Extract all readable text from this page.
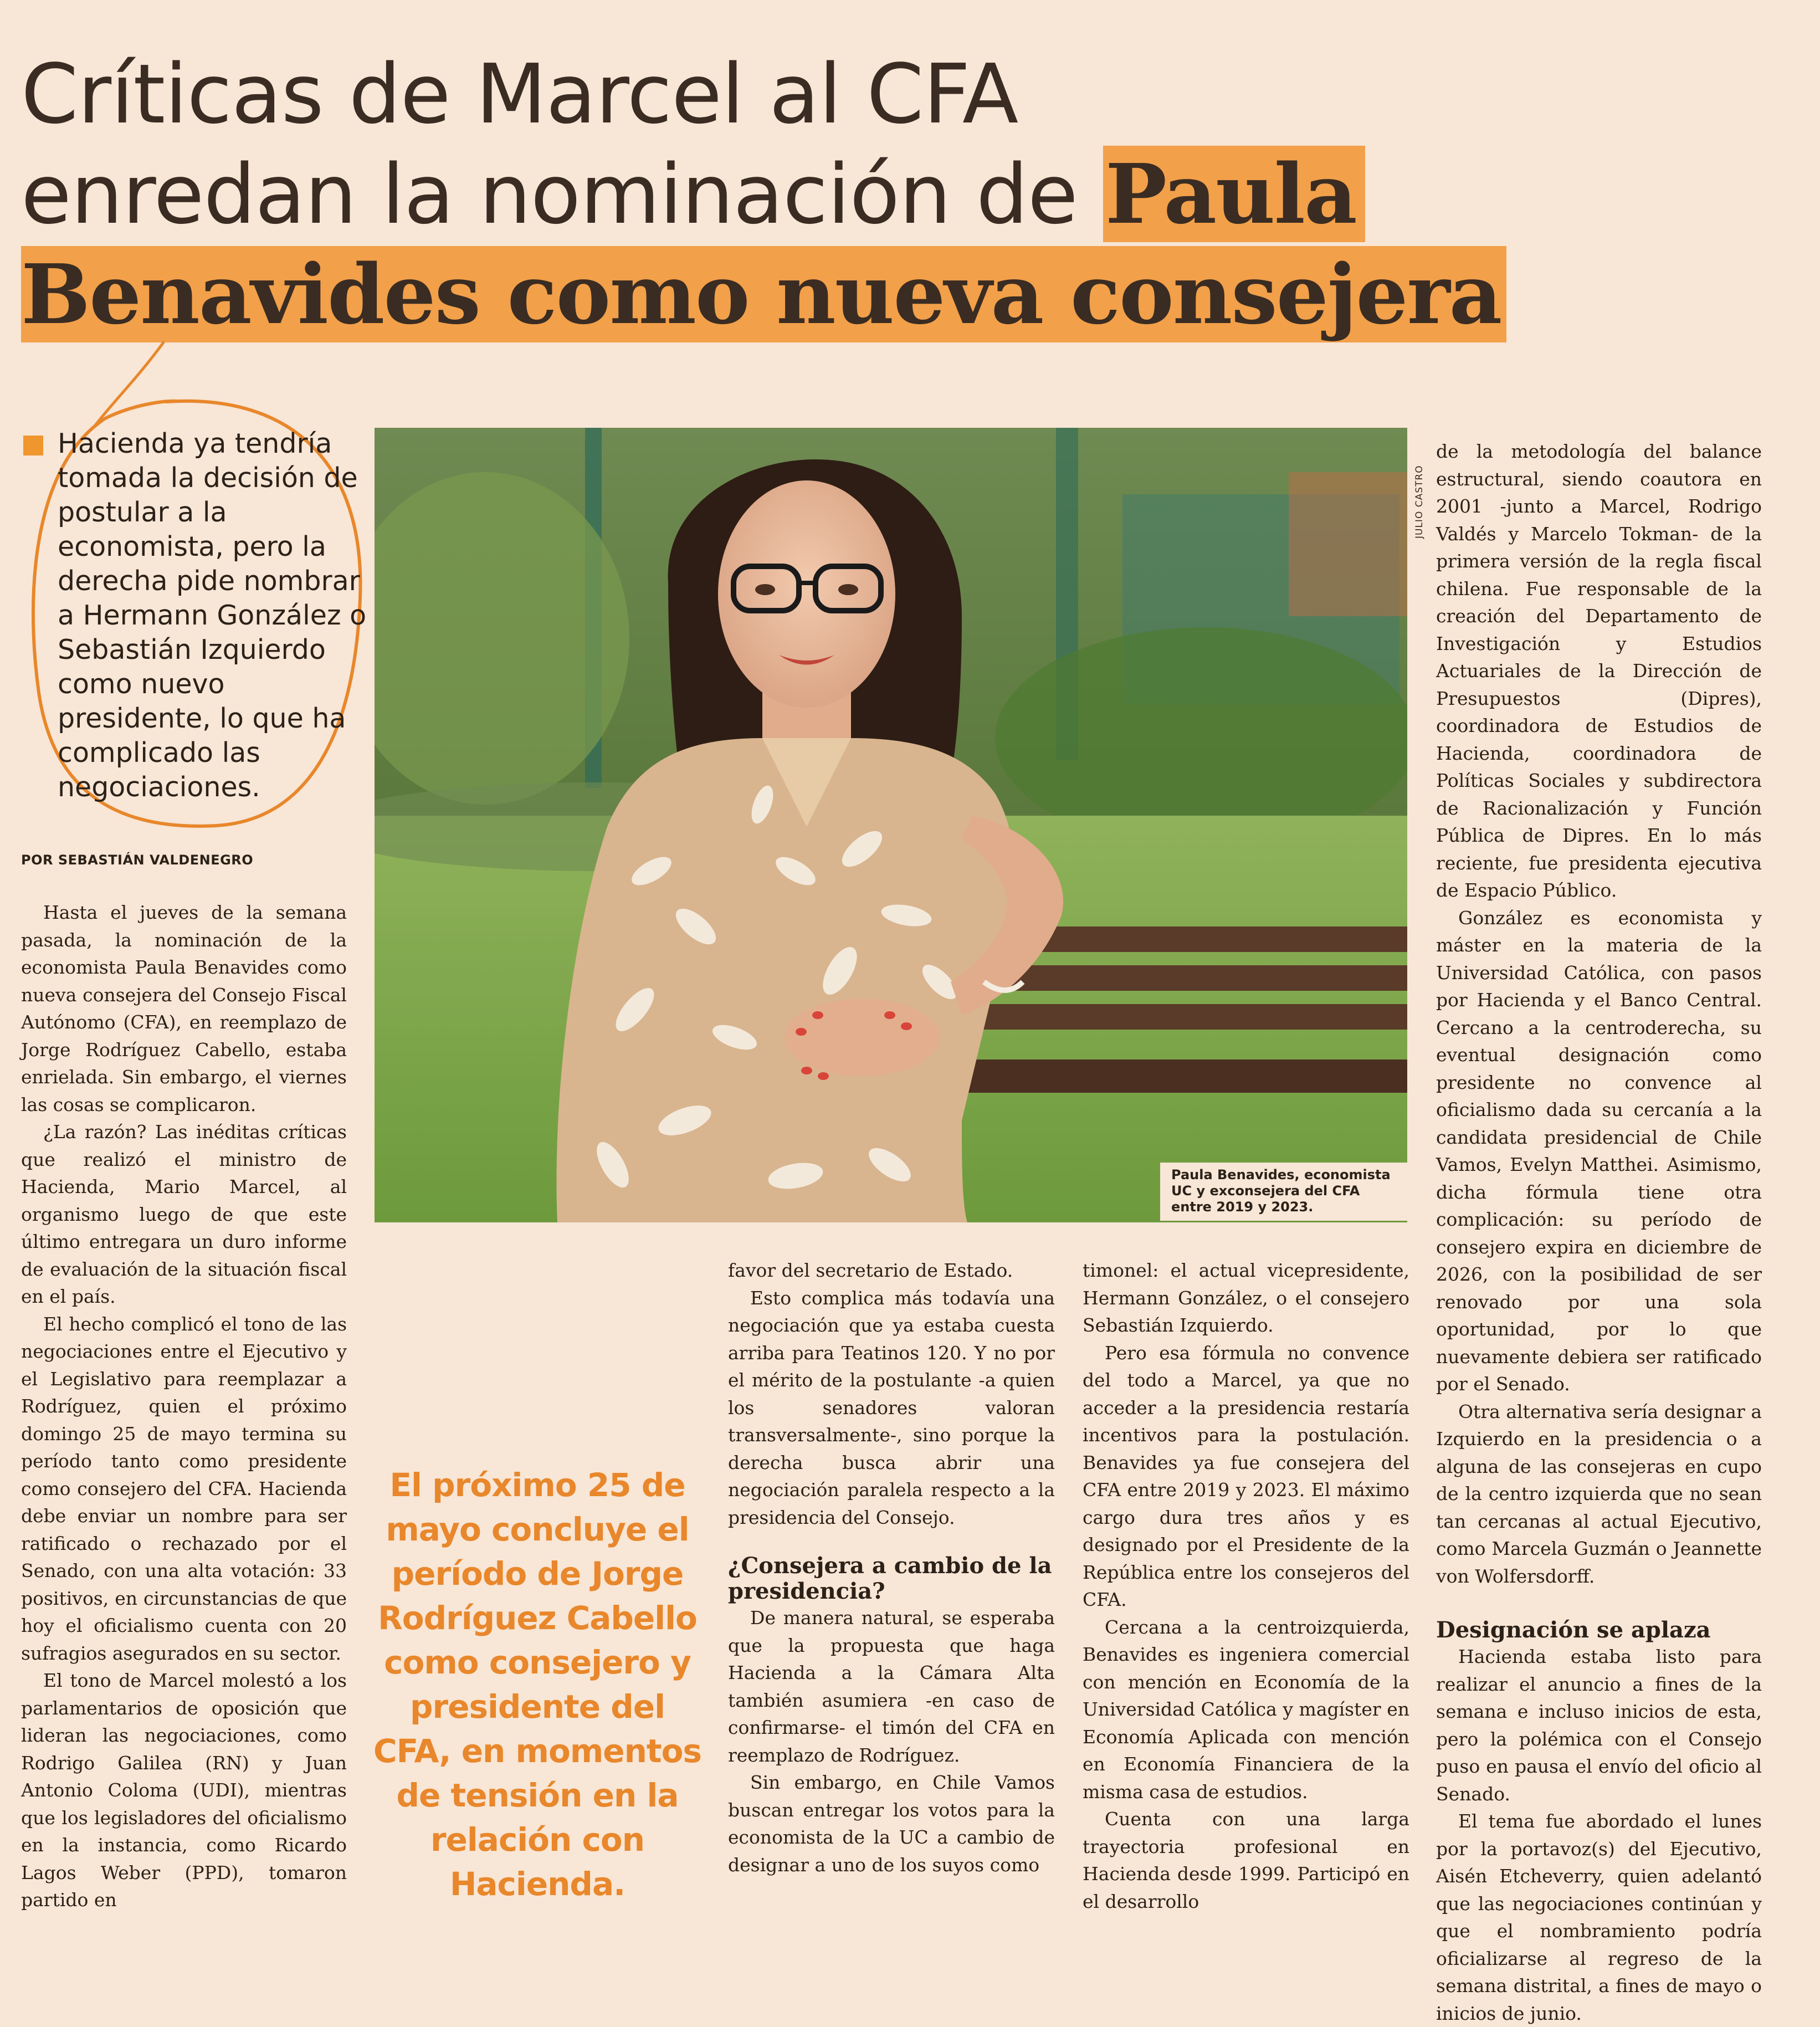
Críticas de Marcel al CFA
enredan la nominación de Paula
Benavides como nueva consejera
Hacienda ya tendría tomada la decisión de postular a la economista, pero la derecha pide nombrar a Hermann González o Sebastián Izquierdo como nuevo presidente, lo que ha complicado las negociaciones.
POR SEBASTIÁN VALDENEGRO
JULIO CASTRO
Paula Benavides, economista UC y exconsejera del CFA entre 2019 y 2023.

Hasta el jueves de la semana pasada, la nominación de la economista Paula Benavides como nueva consejera del Consejo Fiscal Autónomo (CFA), en reemplazo de Jorge Rodríguez Cabello, estaba enrielada. Sin embargo, el viernes las cosas se complicaron.

¿La razón? Las inéditas críticas que realizó el ministro de Hacienda, Mario Marcel, al organismo luego de que este último entregara un duro informe de evaluación de la situación fiscal en el país.

El hecho complicó el tono de las negociaciones entre el Ejecutivo y el Legislativo para reemplazar a Rodríguez, quien el próximo domingo 25 de mayo termina su período tanto como presidente como consejero del CFA. Hacienda debe enviar un nombre para ser ratificado o rechazado por el Senado, con una alta votación: 33 positivos, en circunstancias de que hoy el oficialismo cuenta con 20 sufragios asegurados en su sector.

El tono de Marcel molestó a los parlamentarios de oposición que lideran las negociaciones, como Rodrigo Galilea (RN) y Juan Antonio Coloma (UDI), mientras que los legisladores del oficialismo en la instancia, como Ricardo Lagos Weber (PPD), tomaron partido en

El próximo 25 de mayo concluye el período de Jorge Rodríguez Cabello como consejero y presidente del CFA, en momentos de tensión en la relación con Hacienda.

favor del secretario de Estado.

Esto complica más todavía una negociación que ya estaba cuesta arriba para Teatinos 120. Y no por el mérito de la postulante -a quien los senadores valoran transversalmente-, sino porque la derecha busca abrir una negociación paralela respecto a la presidencia del Consejo.

¿Consejera a cambio de la presidencia?

De manera natural, se esperaba que la propuesta que haga Hacienda a la Cámara Alta también asumiera -en caso de confirmarse- el timón del CFA en reemplazo de Rodríguez.

Sin embargo, en Chile Vamos buscan entregar los votos para la economista de la UC a cambio de designar a uno de los suyos como

timonel: el actual vicepresidente, Hermann González, o el consejero Sebastián Izquierdo.

Pero esa fórmula no convence del todo a Marcel, ya que no acceder a la presidencia restaría incentivos para la postulación. Benavides ya fue consejera del CFA entre 2019 y 2023. El máximo cargo dura tres años y es designado por el Presidente de la República entre los consejeros del CFA.

Cercana a la centroizquierda, Benavides es ingeniera comercial con mención en Economía de la Universidad Católica y magíster en Economía Aplicada con mención en Economía Financiera de la misma casa de estudios.

Cuenta con una larga trayectoria profesional en Hacienda desde 1999. Participó en el desarrollo

de la metodología del balance estructural, siendo coautora en 2001 -junto a Marcel, Rodrigo Valdés y Marcelo Tokman- de la primera versión de la regla fiscal chilena. Fue responsable de la creación del Departamento de Investigación y Estudios Actuariales de la Dirección de Presupuestos (Dipres), coordinadora de Estudios de Hacienda, coordinadora de Políticas Sociales y subdirectora de Racionalización y Función Pública de Dipres. En lo más reciente, fue presidenta ejecutiva de Espacio Público.

González es economista y máster en la materia de la Universidad Católica, con pasos por Hacienda y el Banco Central. Cercano a la centroderecha, su eventual designación como presidente no convence al oficialismo dada su cercanía a la candidata presidencial de Chile Vamos, Evelyn Matthei. Asimismo, dicha fórmula tiene otra complicación: su período de consejero expira en diciembre de 2026, con la posibilidad de ser renovado por una sola oportunidad, por lo que nuevamente debiera ser ratificado por el Senado.

Otra alternativa sería designar a Izquierdo en la presidencia o a alguna de las consejeras en cupo de la centro izquierda que no sean tan cercanas al actual Ejecutivo, como Marcela Guzmán o Jeannette von Wolfersdorff.

Designación se aplaza

Hacienda estaba listo para realizar el anuncio a fines de la semana e incluso inicios de esta, pero la polémica con el Consejo puso en pausa el envío del oficio al Senado.

El tema fue abordado el lunes por la portavoz(s) del Ejecutivo, Aisén Etcheverry, quien adelantó que las negociaciones continúan y que el nombramiento podría oficializarse al regreso de la semana distrital, a fines de mayo o inicios de junio.
